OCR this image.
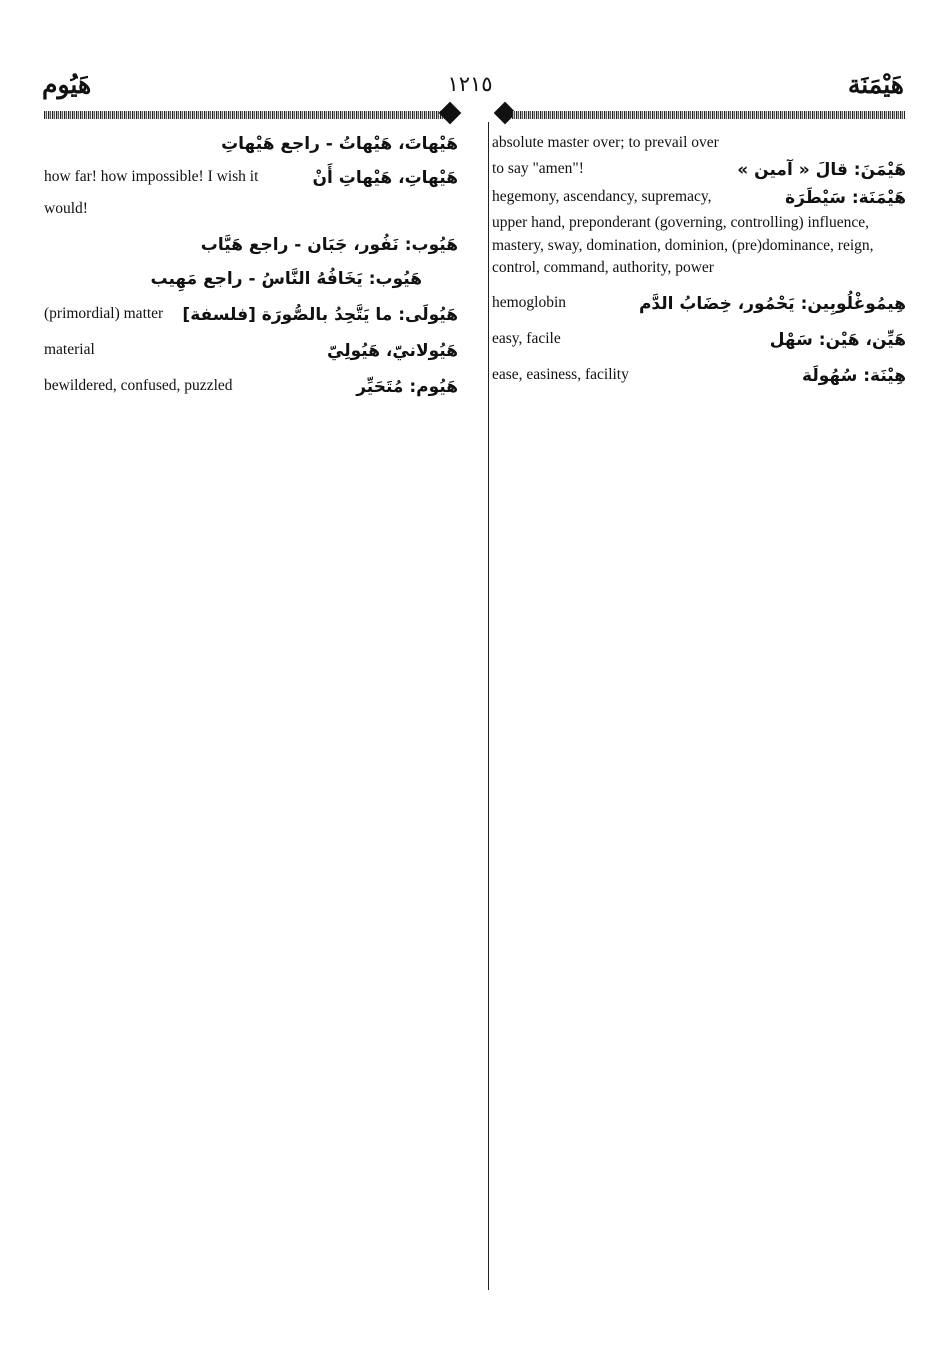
هَيُوم	١٢١٥	هَيْمَنَة
هَيْهاتَ، هَيْهاتُ - راجع هَيْهاتِ
how far! how impossible! I wish it	هَيْهاتِ، هَيْهاتِ أَنْ
would!
هَيُوب: نَفُور، جَبَان - راجع هَيَّاب
هَيُوب: يَخَافُهُ النَّاسُ - راجع مَهِيب
(primordial) matter هَيُولَى: ما يَتَّحِدُ بالصُّورَة [فلسفة]
material	هَيُولانيّ، هَيُولِيّ
bewildered, confused, puzzled	هَيُوم: مُتَحَيِّر
absolute master over; to prevail over
to say "amen"!	هَيْمَنَ: قالَ « آمين »
hegemony, ascendancy, supremacy,	هَيْمَنَة: سَيْطَرَة
upper hand, preponderant (governing, controlling) influence, mastery, sway, domination, dominion, (pre)dominance, reign, control, command, authority, power
hemoglobin	هِيمُوغْلُوبِين: يَحْمُور، خِضَابُ الدَّم
easy, facile	هَيِّن، هَيْن: سَهْل
ease, easiness, facility	هِيْنَة: سُهُولَة
